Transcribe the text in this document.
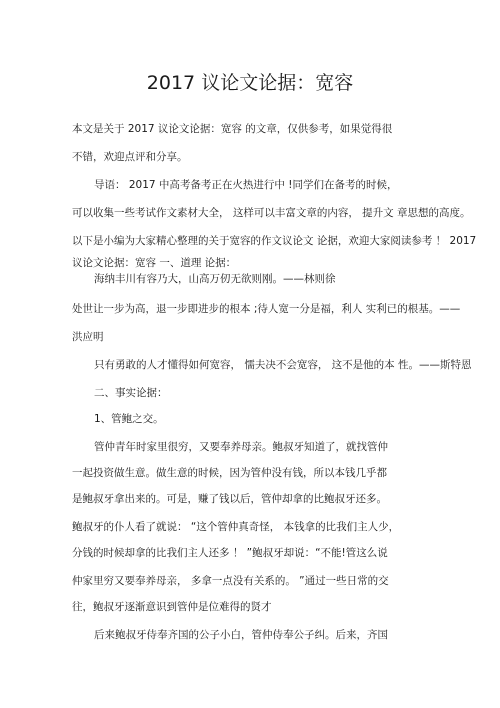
2017 议论文论据：宽容
本文是关于 2017 议论文论据：宽容 的文章，仅供参考，如果觉得很
不错，欢迎点评和分享。
导语： 2017 中高考备考正在火热进行中 !同学们在备考的时候，
可以收集一些考试作文素材大全， 这样可以丰富文章的内容， 提升文 章思想的高度。
以下是小编为大家精心整理的关于宽容的作文议论文 论据，欢迎大家阅读参考 ！ 2017
议论文论据：宽容 一、道理 论据：
海纳丰川有容乃大，山高万仞无欲则刚。——林则徐
处世让一步为高，退一步即进步的根本 ;待人宽一分是福，利人 实利已的根基。——
洪应明
只有勇敢的人才懂得如何宽容， 懦夫决不会宽容， 这不是他的本 性。——斯特恩
二、事实论据：
1、管鲍之交。
管仲青年时家里很穷，又要奉养母亲。鲍叔牙知道了，就找管仲
一起投资做生意。做生意的时候，因为管仲没有钱，所以本钱几乎都
是鲍叔牙拿出来的。可是，赚了钱以后，管仲却拿的比鲍叔牙还多。
鲍叔牙的仆人看了就说： “这个管仲真奇怪， 本钱拿的比我们主人少，
分钱的时候却拿的比我们主人还多 ！ ”鲍叔牙却说：“不能!管这么说
仲家里穷又要奉养母亲， 多拿一点没有关系的。 ”通过一些日常的交
往，鲍叔牙逐渐意识到管仲是位难得的贤才
后来鲍叔牙侍奉齐国的公子小白，管仲侍奉公子纠。后来，齐国
